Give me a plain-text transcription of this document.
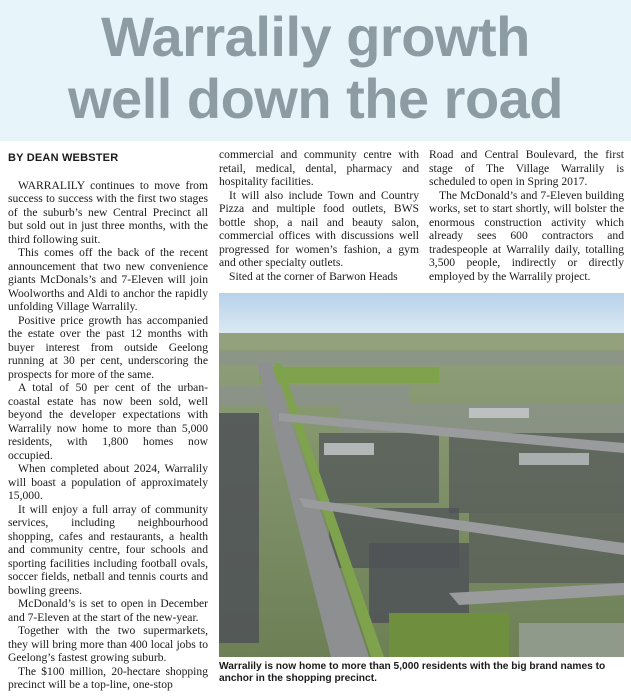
Warralily growth
well down the road
BY DEAN WEBSTER

WARRALILY continues to move from success to success with the first two stages of the suburb’s new Central Precinct all but sold out in just three months, with the third following suit.

This comes off the back of the recent announcement that two new convenience giants McDonals’s and 7-Eleven will join Woolworths and Aldi to anchor the rapidly unfolding Village Warralily.

Positive price growth has accompanied the estate over the past 12 months with buyer interest from outside Geelong running at 30 per cent, underscoring the prospects for more of the same.

A total of 50 per cent of the urban-coastal estate has now been sold, well beyond the developer expectations with Warralily now home to more than 5,000 residents, with 1,800 homes now occupied.

When completed about 2024, Warralily will boast a population of approximately 15,000.

It will enjoy a full array of community services, including neighbourhood shopping, cafes and restaurants, a health and community centre, four schools and sporting facilities including football ovals, soccer fields, netball and tennis courts and bowling greens.

McDonald’s is set to open in December and 7-Eleven at the start of the new-year.

Together with the two supermarkets, they will bring more than 400 local jobs to Geelong’s fastest growing suburb.

The $100 million, 20-hectare shopping precinct will be a top-line, one-stop

commercial and community centre with retail, medical, dental, pharmacy and hospitality facilities.

It will also include Town and Country Pizza and multiple food outlets, BWS bottle shop, a nail and beauty salon, commercial offices with discussions well progressed for women’s fashion, a gym and other specialty outlets.

Sited at the corner of Barwon Heads

Road and Central Boulevard, the first stage of The Village Warralily is scheduled to open in Spring 2017.

The McDonald’s and 7-Eleven building works, set to start shortly, will bolster the enormous construction activity which already sees 600 contractors and tradespeople at Warralily daily, totalling 3,500 people, indirectly or directly employed by the Warralily project.

Warralily is now home to more than 5,000 residents with the big brand names to anchor in the shopping precinct.
